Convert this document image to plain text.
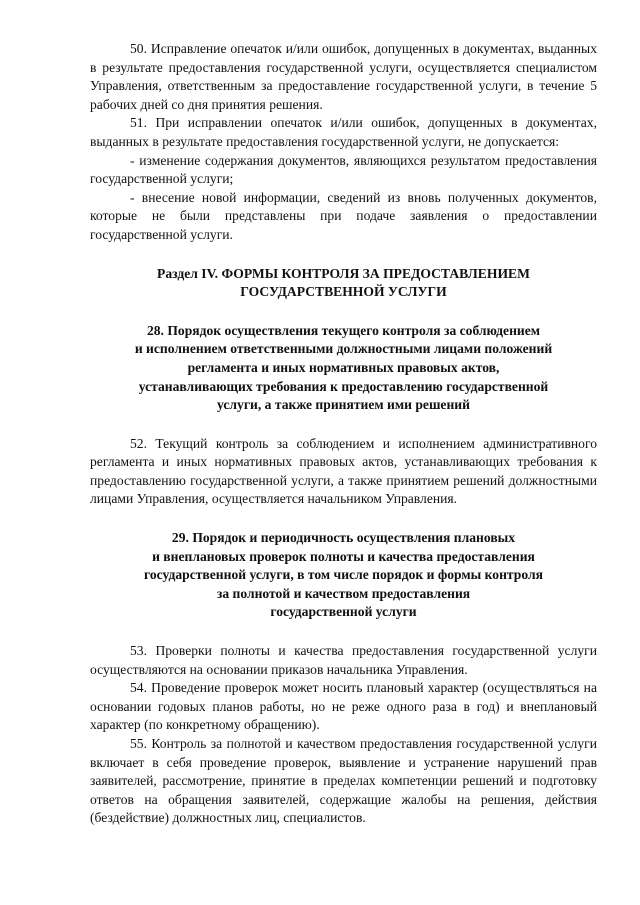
50. Исправление опечаток и/или ошибок, допущенных в документах, выданных в результате предоставления государственной услуги, осуществляется специалистом Управления, ответственным за предоставление государственной услуги, в течение 5 рабочих дней со дня принятия решения.

51. При исправлении опечаток и/или ошибок, допущенных в документах, выданных в результате предоставления государственной услуги, не допускается:

- изменение содержания документов, являющихся результатом предоставления государственной услуги;

- внесение новой информации, сведений из вновь полученных документов, которые не были представлены при подаче заявления о предоставлении государственной услуги.

Раздел IV. ФОРМЫ КОНТРОЛЯ ЗА ПРЕДОСТАВЛЕНИЕМ
ГОСУДАРСТВЕННОЙ УСЛУГИ
28. Порядок осуществления текущего контроля за соблюдением
и исполнением ответственными должностными лицами положений
регламента и иных нормативных правовых актов,
устанавливающих требования к предоставлению государственной
услуги, а также принятием ими решений

52. Текущий контроль за соблюдением и исполнением административного регламента и иных нормативных правовых актов, устанавливающих требования к предоставлению государственной услуги, а также принятием решений должностными лицами Управления, осуществляется начальником Управления.

29. Порядок и периодичность осуществления плановых
и внеплановых проверок полноты и качества предоставления
государственной услуги, в том числе порядок и формы контроля
за полнотой и качеством предоставления
государственной услуги

53. Проверки полноты и качества предоставления государственной услуги осуществляются на основании приказов начальника Управления.

54. Проведение проверок может носить плановый характер (осуществляться на основании годовых планов работы, но не реже одного раза в год) и внеплановый характер (по конкретному обращению).

55. Контроль за полнотой и качеством предоставления государственной услуги включает в себя проведение проверок, выявление и устранение нарушений прав заявителей, рассмотрение, принятие в пределах компетенции решений и подготовку ответов на обращения заявителей, содержащие жалобы на решения, действия (бездействие) должностных лиц, специалистов.
